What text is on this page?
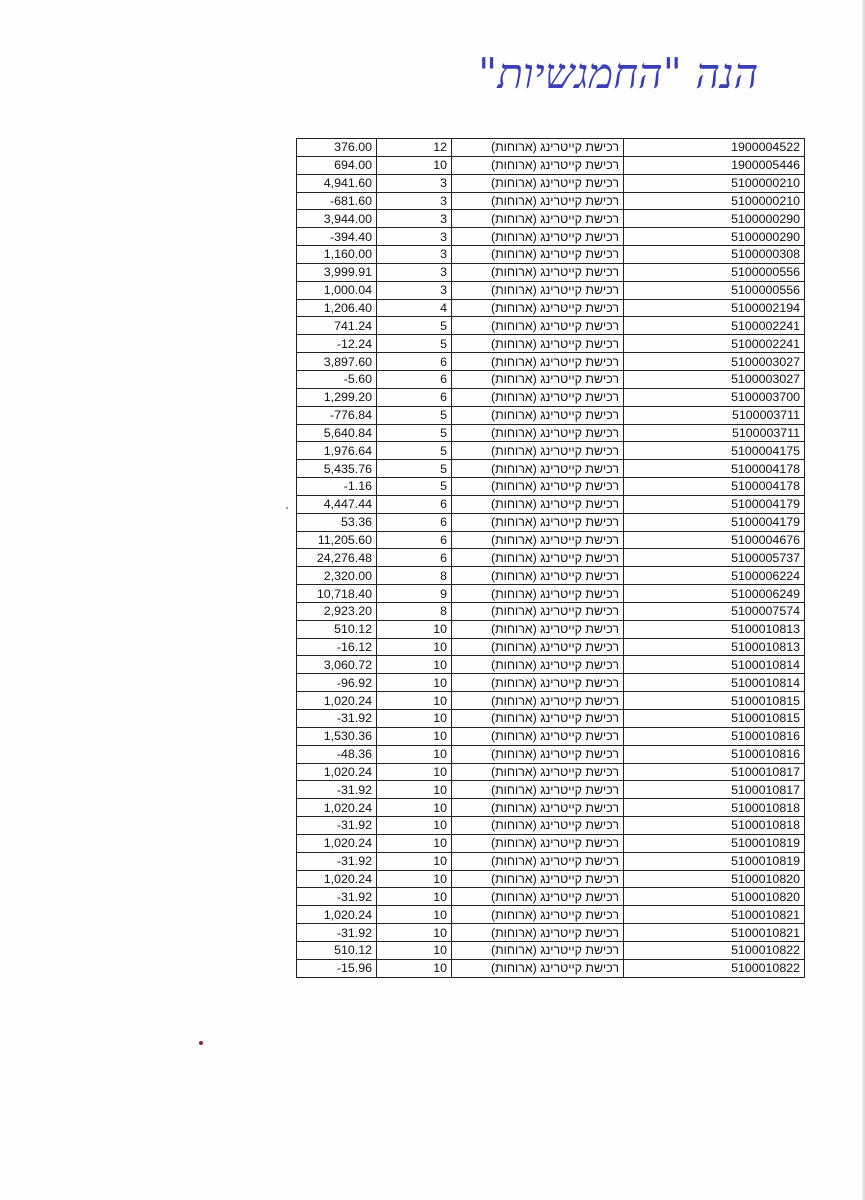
הנה "החמגשיות"
376.00	12	רכישת קייטרינג (ארוחות)	1900004522
694.00	10	רכישת קייטרינג (ארוחות)	1900005446
4,941.60	3	רכישת קייטרינג (ארוחות)	5100000210
-681.60	3	רכישת קייטרינג (ארוחות)	5100000210
3,944.00	3	רכישת קייטרינג (ארוחות)	5100000290
-394.40	3	רכישת קייטרינג (ארוחות)	5100000290
1,160.00	3	רכישת קייטרינג (ארוחות)	5100000308
3,999.91	3	רכישת קייטרינג (ארוחות)	5100000556
1,000.04	3	רכישת קייטרינג (ארוחות)	5100000556
1,206.40	4	רכישת קייטרינג (ארוחות)	5100002194
741.24	5	רכישת קייטרינג (ארוחות)	5100002241
-12.24	5	רכישת קייטרינג (ארוחות)	5100002241
3,897.60	6	רכישת קייטרינג (ארוחות)	5100003027
-5.60	6	רכישת קייטרינג (ארוחות)	5100003027
1,299.20	6	רכישת קייטרינג (ארוחות)	5100003700
-776.84	5	רכישת קייטרינג (ארוחות)	5100003711
5,640.84	5	רכישת קייטרינג (ארוחות)	5100003711
1,976.64	5	רכישת קייטרינג (ארוחות)	5100004175
5,435.76	5	רכישת קייטרינג (ארוחות)	5100004178
-1.16	5	רכישת קייטרינג (ארוחות)	5100004178
4,447.44	6	רכישת קייטרינג (ארוחות)	5100004179
53.36	6	רכישת קייטרינג (ארוחות)	5100004179
11,205.60	6	רכישת קייטרינג (ארוחות)	5100004676
24,276.48	6	רכישת קייטרינג (ארוחות)	5100005737
2,320.00	8	רכישת קייטרינג (ארוחות)	5100006224
10,718.40	9	רכישת קייטרינג (ארוחות)	5100006249
2,923.20	8	רכישת קייטרינג (ארוחות)	5100007574
510.12	10	רכישת קייטרינג (ארוחות)	5100010813
-16.12	10	רכישת קייטרינג (ארוחות)	5100010813
3,060.72	10	רכישת קייטרינג (ארוחות)	5100010814
-96.92	10	רכישת קייטרינג (ארוחות)	5100010814
1,020.24	10	רכישת קייטרינג (ארוחות)	5100010815
-31.92	10	רכישת קייטרינג (ארוחות)	5100010815
1,530.36	10	רכישת קייטרינג (ארוחות)	5100010816
-48.36	10	רכישת קייטרינג (ארוחות)	5100010816
1,020.24	10	רכישת קייטרינג (ארוחות)	5100010817
-31.92	10	רכישת קייטרינג (ארוחות)	5100010817
1,020.24	10	רכישת קייטרינג (ארוחות)	5100010818
-31.92	10	רכישת קייטרינג (ארוחות)	5100010818
1,020.24	10	רכישת קייטרינג (ארוחות)	5100010819
-31.92	10	רכישת קייטרינג (ארוחות)	5100010819
1,020.24	10	רכישת קייטרינג (ארוחות)	5100010820
-31.92	10	רכישת קייטרינג (ארוחות)	5100010820
1,020.24	10	רכישת קייטרינג (ארוחות)	5100010821
-31.92	10	רכישת קייטרינג (ארוחות)	5100010821
510.12	10	רכישת קייטרינג (ארוחות)	5100010822
-15.96	10	רכישת קייטרינג (ארוחות)	5100010822
